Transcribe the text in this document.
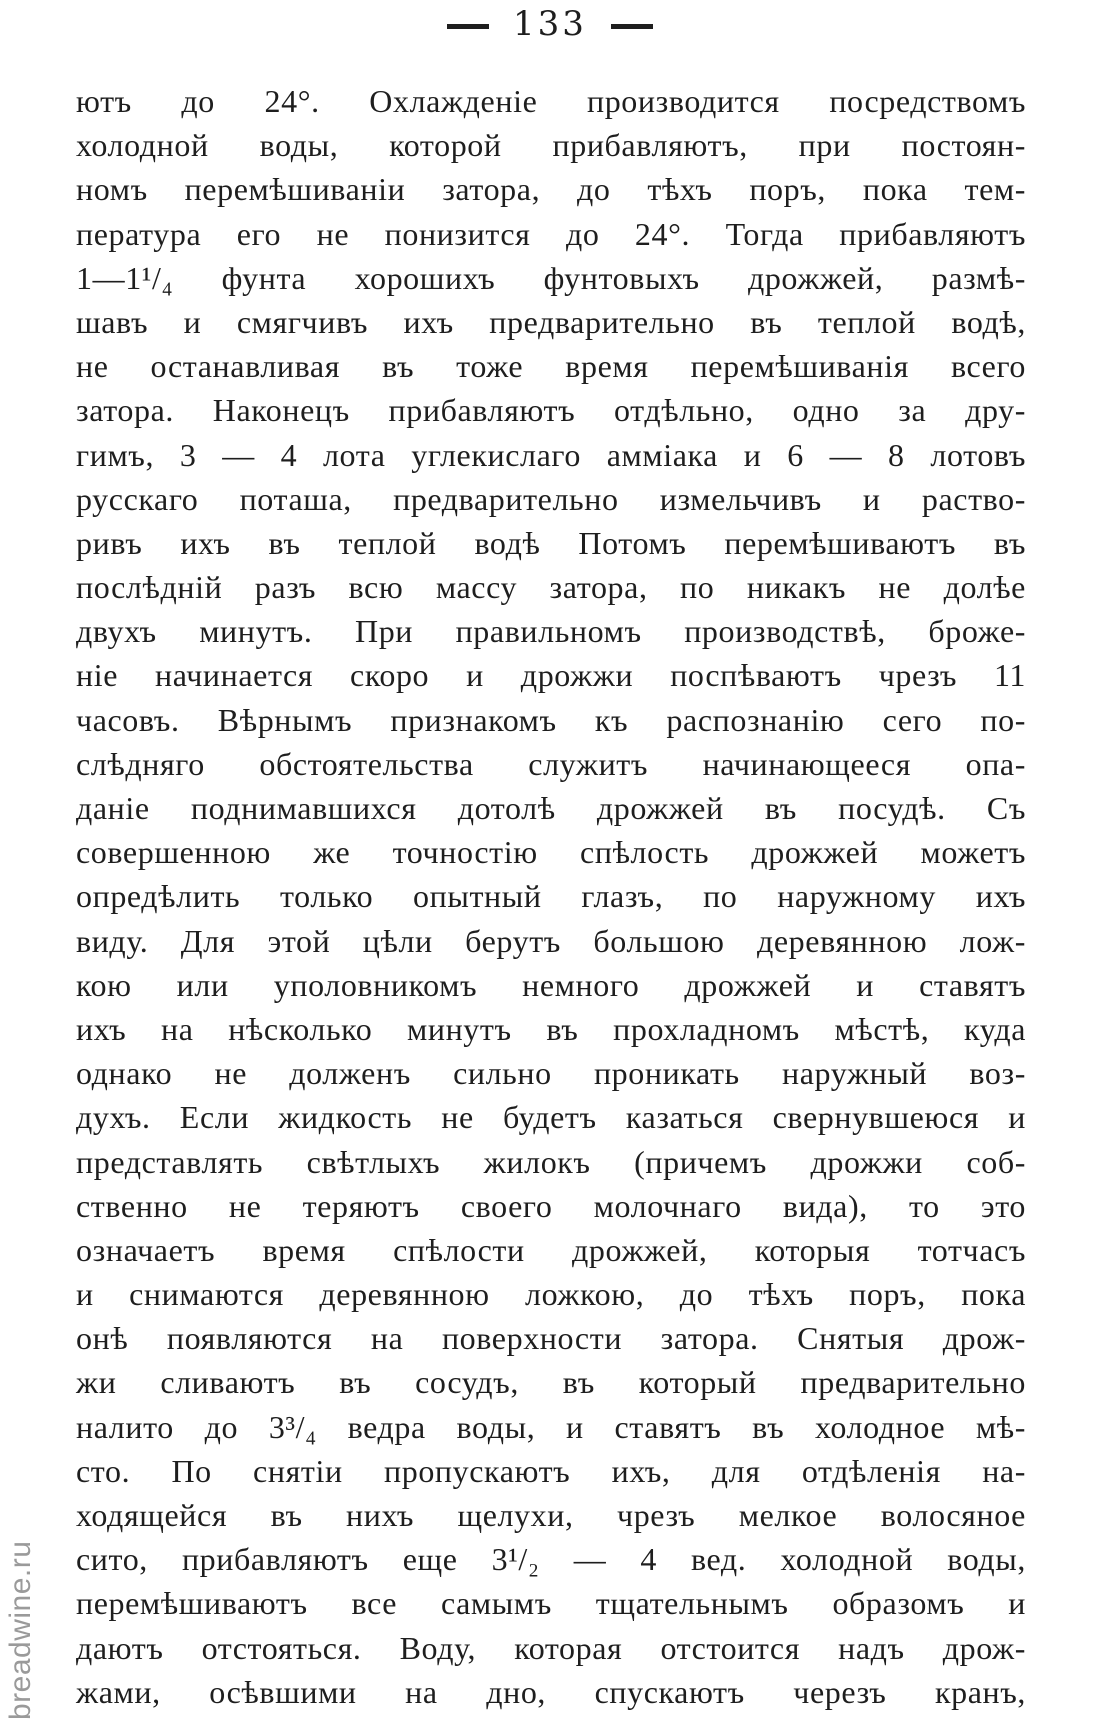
133
ютъ до 24°. Охлажденіе производится посредствомъ
холодной воды, которой прибавляютъ, при постоян-
номъ перемѣшиваніи затора, до тѣхъ поръ, пока тем-
пература его не понизится до 24°. Тогда прибавляютъ
1—1¹/₄ фунта хорошихъ фунтовыхъ дрожжей, размѣ-
шавъ и смягчивъ ихъ предварительно въ теплой водѣ,
не останавливая въ тоже время перемѣшиванія всего
затора. Наконецъ прибавляютъ отдѣльно, одно за дру-
гимъ, 3 — 4 лота углекислаго аммiака и 6 — 8 лотовъ
русскаго поташа, предварительно измельчивъ и раство-
ривъ ихъ въ теплой водѣ Потомъ перемѣшиваютъ въ
послѣдній разъ всю массу затора, по никакъ не долѣе
двухъ минутъ. При правильномъ производствѣ, броже-
ніе начинается скоро и дрожжи поспѣваютъ чрезъ 11
часовъ. Вѣрнымъ признакомъ къ распознанію сего по-
слѣдняго обстоятельства служитъ начинающееся опа-
даніе поднимавшихся дотолѣ дрожжей въ посудѣ. Съ
совершенною же точностію спѣлость дрожжей можетъ
опредѣлить только опытный глазъ, по наружному ихъ
виду. Для этой цѣли берутъ большою деревянною лож-
кою или уполовникомъ немного дрожжей и ставятъ
ихъ на нѣсколько минутъ въ прохладномъ мѣстѣ, куда
однако не долженъ сильно проникать наружный воз-
духъ. Если жидкость не будетъ казаться свернувшеюся и
представлять свѣтлыхъ жилокъ (причемъ дрожжи соб-
ственно не теряютъ своего молочнаго вида), то это
означаетъ время спѣлости дрожжей, которыя тотчасъ
и снимаются деревянною ложкою, до тѣхъ поръ, пока
онѣ появляются на поверхности затора. Снятыя дрож-
жи сливаютъ въ сосудъ, въ который предварительно
налито до 3³/₄ ведра воды, и ставятъ въ холодное мѣ-
сто. По снятіи пропускаютъ ихъ, для отдѣленія на-
ходящейся въ нихъ щелухи, чрезъ мелкое волосяное
сито, прибавляютъ еще 3¹/₂ — 4 вед. холодной воды,
перемѣшиваютъ все самымъ тщательнымъ образомъ и
даютъ отстояться. Воду, которая отстоится надъ дрож-
жами, осѣвшими на дно, спускаютъ черезъ кранъ,
breadwine.ru
